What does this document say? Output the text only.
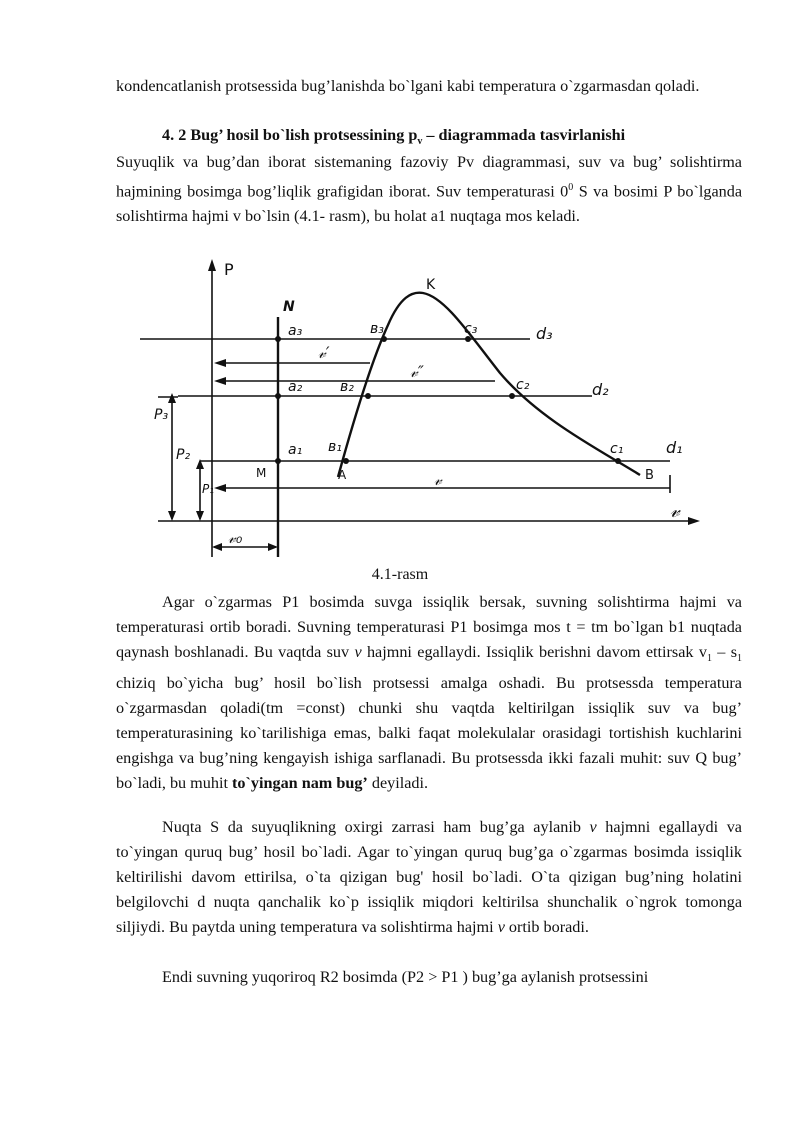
kondencatlanish protsessida bug’lanishda bo`lgani kabi temperatura o`zgarmasdan qoladi.

4. 2 Bug’ hosil bo`lish protsessining $p_v$ – diagrammada tasvirlanishi

Suyuqlik va bug’dan iborat sistemaning fazoviy Pv diagrammasi, suv va bug’ solishtirma hajmining bosimga bog’liqlik grafigidan iborat. Suv temperaturasi $0^0$ S va bosimi P bo`lganda solishtirma hajmi v bo`lsin (4.1- rasm), bu holat a1 nuqtaga mos keladi.

P
N
K
a₃
a₂
a₁
в₃
в₂
в₁
c₃
c₂
c₁
d₃
d₂
d₁
M	A	B
P₃
P₂
P₁
𝓋′
𝓋″
𝓋
𝓋₀
𝓋
4.1-rasm

Agar o`zgarmas P1 bosimda suvga issiqlik bersak, suvning solishtirma hajmi va temperaturasi ortib boradi. Suvning temperaturasi P1 bosimga mos t = tm bo`lgan b1 nuqtada qaynash boshlanadi. Bu vaqtda suv v hajmni egallaydi. Issiqlik berishni davom ettirsak $v_1 - s_1$ chiziq bo`yicha bug’ hosil bo`lish protsessi amalga oshadi. Bu protsessda temperatura o`zgarmasdan qoladi(tm =const) chunki shu vaqtda keltirilgan issiqlik suv va bug’ temperaturasining ko`tarilishiga emas, balki faqat molekulalar orasidagi tortishish kuchlarini engishga va bug’ning kengayish ishiga sarflanadi. Bu protsessda ikki fazali muhit: suv Q bug’ bo`ladi, bu muhit to`yingan nam bug’ deyiladi.

Nuqta S da suyuqlikning oxirgi zarrasi ham bug’ga aylanib v hajmni egallaydi va to`yingan quruq bug’ hosil bo`ladi. Agar to`yingan quruq bug’ga o`zgarmas bosimda issiqlik keltirilishi davom ettirilsa, o`ta qizigan bug' hosil bo`ladi. O`ta qizigan bug’ning holatini belgilovchi d nuqta qanchalik ko`p issiqlik miqdori keltirilsa shunchalik o`ngrok tomonga siljiydi. Bu paytda uning temperatura va solishtirma hajmi v ortib boradi.

Endi suvning yuqoriroq R2 bosimda (P2 > P1 ) bug’ga aylanish protsessini
